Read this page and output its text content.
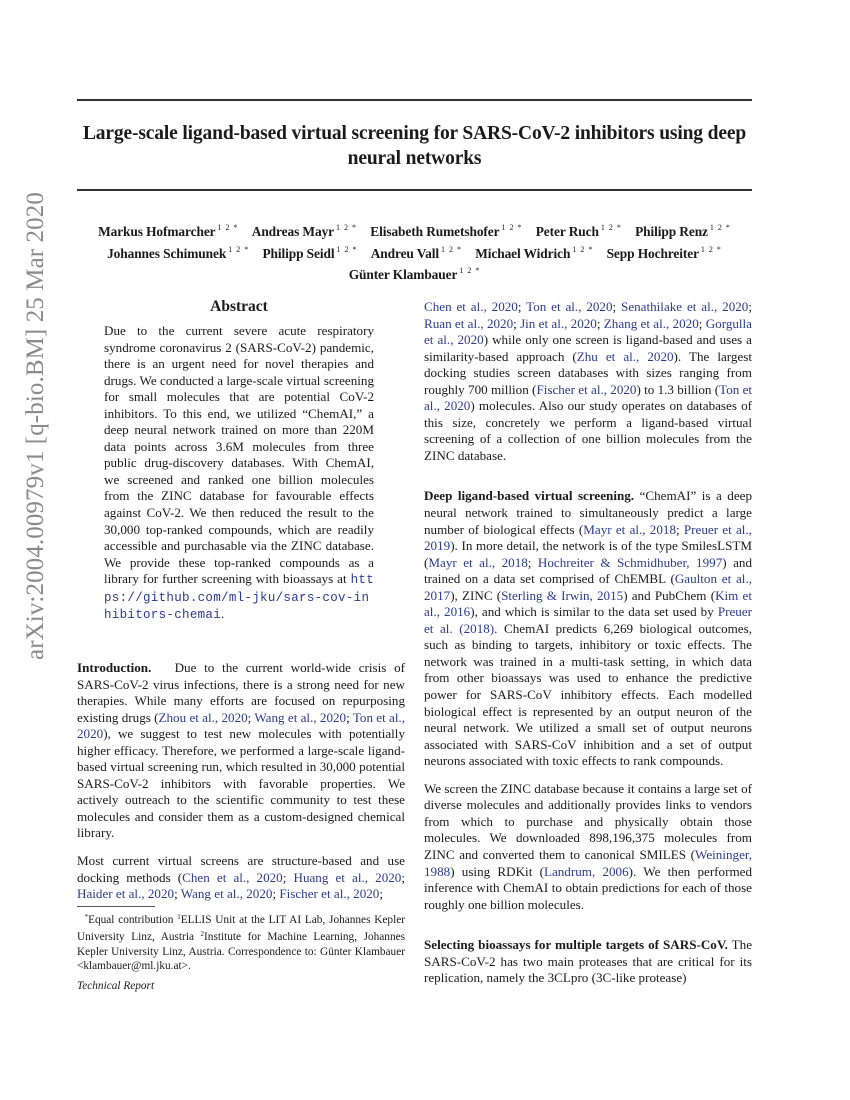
arXiv:2004.00979v1 [q-bio.BM] 25 Mar 2020
Large-scale ligand-based virtual screening for SARS-CoV-2 inhibitors using deep neural networks
Markus Hofmarcher $^{1 2 *}$ Andreas Mayr $^{1 2 *}$ Elisabeth Rumetshofer $^{1 2 *}$ Peter Ruch $^{1 2 *}$ Philipp Renz $^{1 2 *}$
Johannes Schimunek $^{1 2 *}$ Philipp Seidl $^{1 2 *}$ Andreu Vall $^{1 2 *}$ Michael Widrich $^{1 2 *}$ Sepp Hochreiter $^{1 2 *}$
Günter Klambauer $^{1 2 *}$
Abstract

Due to the current severe acute respiratory syndrome coronavirus 2 (SARS-CoV-2) pandemic, there is an urgent need for novel therapies and drugs. We conducted a large-scale virtual screening for small molecules that are potential CoV-2 inhibitors. To this end, we utilized “ChemAI,” a deep neural network trained on more than 220M data points across 3.6M molecules from three public drug-discovery databases. With ChemAI, we screened and ranked one billion molecules from the ZINC database for favourable effects against CoV-2. We then reduced the result to the 30,000 top-ranked compounds, which are readily accessible and purchasable via the ZINC database. We provide these top-ranked compounds as a library for further screening with bioassays at https://github.com/ml-jku/sars-cov-inhibitors-chemai.

Introduction. Due to the current world-wide crisis of SARS-CoV-2 virus infections, there is a strong need for new therapies. While many efforts are focused on repurposing existing drugs (Zhou et al., 2020; Wang et al., 2020; Ton et al., 2020), we suggest to test new molecules with potentially higher efficacy. Therefore, we performed a large-scale ligand-based virtual screening run, which resulted in 30,000 potential SARS-CoV-2 inhibitors with favorable properties. We actively outreach to the scientific community to test these molecules and consider them as a custom-designed chemical library.

Most current virtual screens are structure-based and use docking methods (Chen et al., 2020; Huang et al., 2020; Haider et al., 2020; Wang et al., 2020; Fischer et al., 2020;

*Equal contribution $^1$ELLIS Unit at the LIT AI Lab, Johannes Kepler University Linz, Austria $^2$Institute for Machine Learning, Johannes Kepler University Linz, Austria. Correspondence to: Günter Klambauer <klambauer@ml.jku.at>.
Technical Report

Chen et al., 2020; Ton et al., 2020; Senathilake et al., 2020; Ruan et al., 2020; Jin et al., 2020; Zhang et al., 2020; Gorgulla et al., 2020) while only one screen is ligand-based and uses a similarity-based approach (Zhu et al., 2020). The largest docking studies screen databases with sizes ranging from roughly 700 million (Fischer et al., 2020) to 1.3 billion (Ton et al., 2020) molecules. Also our study operates on databases of this size, concretely we perform a ligand-based virtual screening of a collection of one billion molecules from the ZINC database.

Deep ligand-based virtual screening. “ChemAI” is a deep neural network trained to simultaneously predict a large number of biological effects (Mayr et al., 2018; Preuer et al., 2019). In more detail, the network is of the type SmilesLSTM (Mayr et al., 2018; Hochreiter & Schmidhuber, 1997) and trained on a data set comprised of ChEMBL (Gaulton et al., 2017), ZINC (Sterling & Irwin, 2015) and PubChem (Kim et al., 2016), and which is similar to the data set used by Preuer et al. (2018). ChemAI predicts 6,269 biological outcomes, such as binding to targets, inhibitory or toxic effects. The network was trained in a multi-task setting, in which data from other bioassays was used to enhance the predictive power for SARS-CoV inhibitory effects. Each modelled biological effect is represented by an output neuron of the neural network. We utilized a small set of output neurons associated with SARS-CoV inhibition and a set of output neurons associated with toxic effects to rank compounds.

We screen the ZINC database because it contains a large set of diverse molecules and additionally provides links to vendors from which to purchase and physically obtain those molecules. We downloaded 898,196,375 molecules from ZINC and converted them to canonical SMILES (Weininger, 1988) using RDKit (Landrum, 2006). We then performed inference with ChemAI to obtain predictions for each of those roughly one billion molecules.

Selecting bioassays for multiple targets of SARS-CoV. The SARS-CoV-2 has two main proteases that are critical for its replication, namely the 3CLpro (3C-like protease)
